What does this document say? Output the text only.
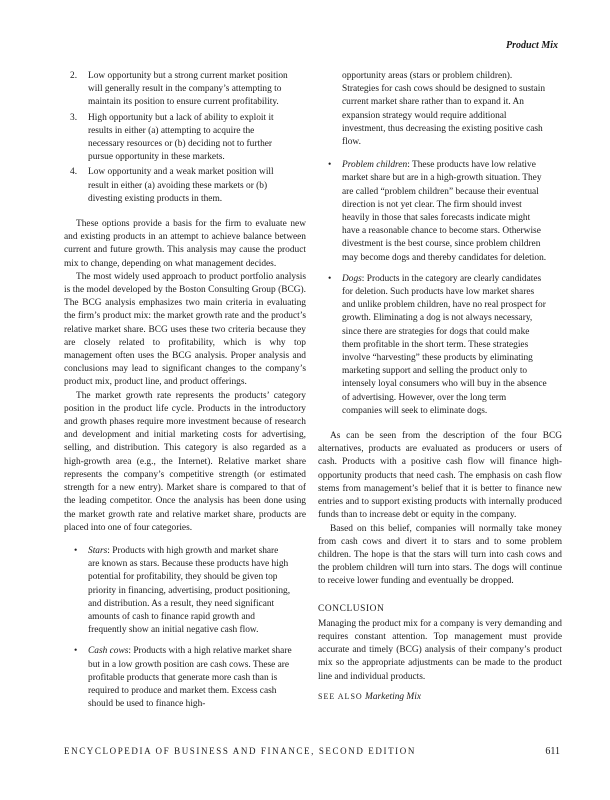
Product Mix
2. Low opportunity but a strong current market position will generally result in the company’s attempting to maintain its position to ensure current profitability.
3. High opportunity but a lack of ability to exploit it results in either (a) attempting to acquire the necessary resources or (b) deciding not to further pursue opportunity in these markets.
4. Low opportunity and a weak market position will result in either (a) avoiding these markets or (b) divesting existing products in them.

These options provide a basis for the firm to evaluate new and existing products in an attempt to achieve balance between current and future growth. This analysis may cause the product mix to change, depending on what management decides.

The most widely used approach to product portfolio analysis is the model developed by the Boston Consulting Group (BCG). The BCG analysis emphasizes two main criteria in evaluating the firm’s product mix: the market growth rate and the product’s relative market share. BCG uses these two criteria because they are closely related to profitability, which is why top management often uses the BCG analysis. Proper analysis and conclusions may lead to significant changes to the company’s product mix, product line, and product offerings.

The market growth rate represents the products’ category position in the product life cycle. Products in the introductory and growth phases require more investment because of research and development and initial marketing costs for advertising, selling, and distribution. This category is also regarded as a high-growth area (e.g., the Internet). Relative market share represents the company’s competitive strength (or estimated strength for a new entry). Market share is compared to that of the leading competitor. Once the analysis has been done using the market growth rate and relative market share, products are placed into one of four categories.

• Stars: Products with high growth and market share are known as stars. Because these products have high potential for profitability, they should be given top priority in financing, advertising, product positioning, and distribution. As a result, they need significant amounts of cash to finance rapid growth and frequently show an initial negative cash flow.
• Cash cows: Products with a high relative market share but in a low growth position are cash cows. These are profitable products that generate more cash than is required to produce and market them. Excess cash should be used to finance high-
opportunity areas (stars or problem children). Strategies for cash cows should be designed to sustain current market share rather than to expand it. An expansion strategy would require additional investment, thus decreasing the existing positive cash flow.
• Problem children: These products have low relative market share but are in a high-growth situation. They are called “problem children” because their eventual direction is not yet clear. The firm should invest heavily in those that sales forecasts indicate might have a reasonable chance to become stars. Otherwise divestment is the best course, since problem children may become dogs and thereby candidates for deletion.
• Dogs: Products in the category are clearly candidates for deletion. Such products have low market shares and unlike problem children, have no real prospect for growth. Eliminating a dog is not always necessary, since there are strategies for dogs that could make them profitable in the short term. These strategies involve “harvesting” these products by eliminating marketing support and selling the product only to intensely loyal consumers who will buy in the absence of advertising. However, over the long term companies will seek to eliminate dogs.

As can be seen from the description of the four BCG alternatives, products are evaluated as producers or users of cash. Products with a positive cash flow will finance high-opportunity products that need cash. The emphasis on cash flow stems from management’s belief that it is better to finance new entries and to support existing products with internally produced funds than to increase debt or equity in the company.

Based on this belief, companies will normally take money from cash cows and divert it to stars and to some problem children. The hope is that the stars will turn into cash cows and the problem children will turn into stars. The dogs will continue to receive lower funding and eventually be dropped.

CONCLUSION

Managing the product mix for a company is very demanding and requires constant attention. Top management must provide accurate and timely (BCG) analysis of their company’s product mix so the appropriate adjustments can be made to the product line and individual products.

SEE ALSO Marketing Mix
ENCYCLOPEDIA OF BUSINESS AND FINANCE, SECOND EDITION	611
